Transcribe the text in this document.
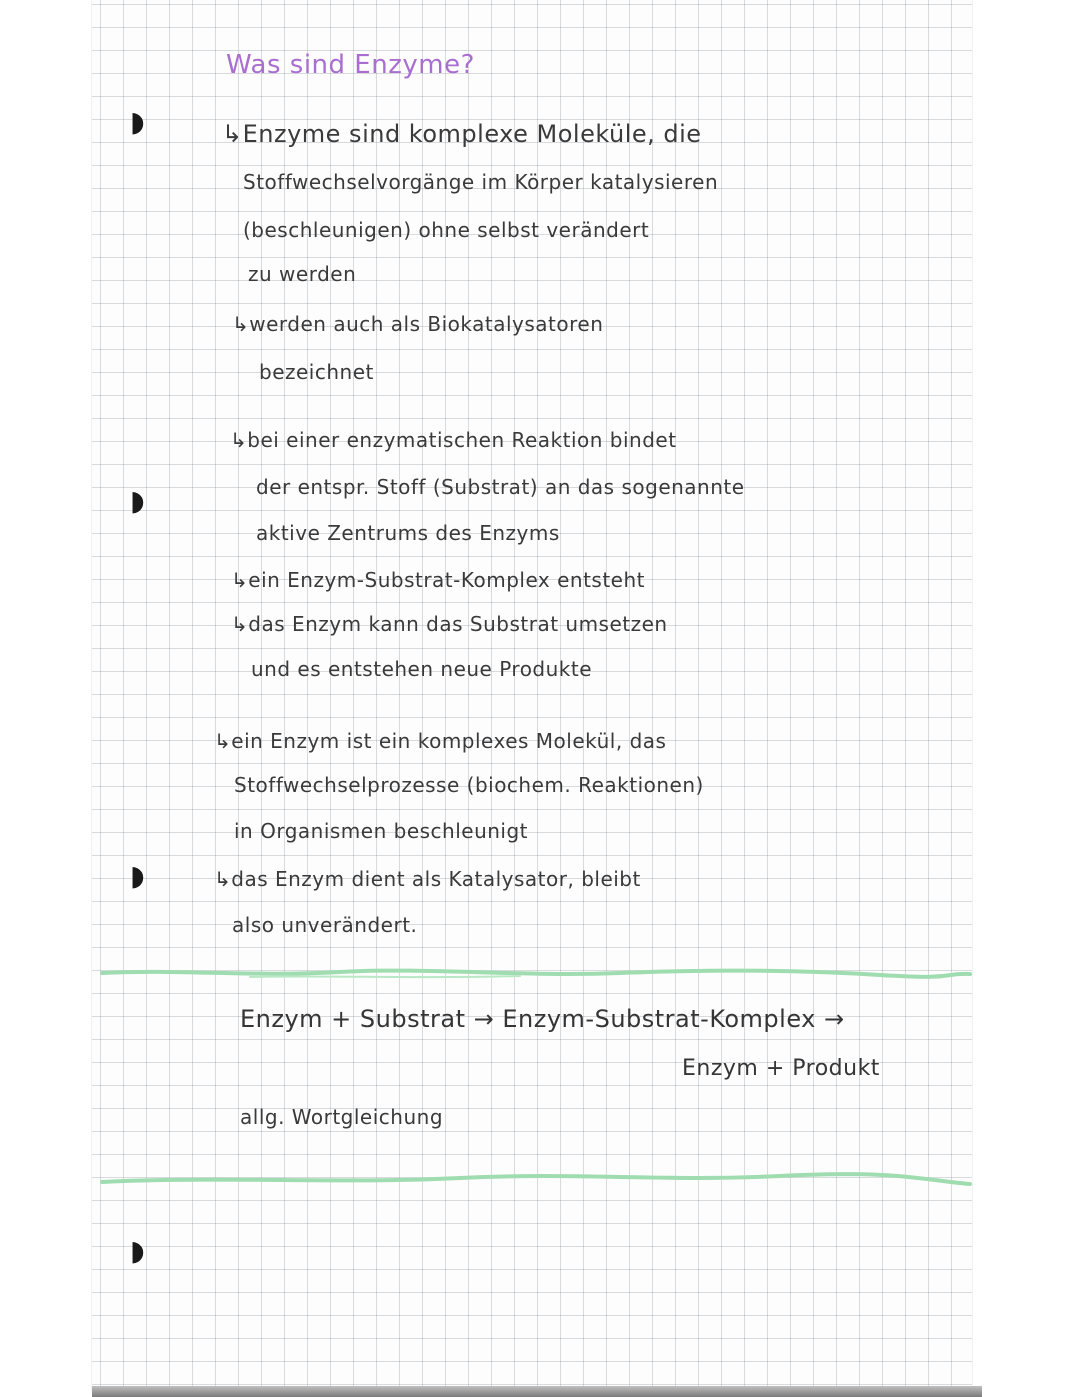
◗
◗
◗
◗
Was sind Enzyme?
↳Enzyme sind komplexe Moleküle, die
Stoffwechselvorgänge im Körper katalysieren
(beschleunigen) ohne selbst verändert
zu werden
↳werden auch als Biokatalysatoren
bezeichnet
↳bei einer enzymatischen Reaktion bindet
der entspr. Stoff (Substrat) an das sogenannte
aktive Zentrums des Enzyms
↳ein Enzym-Substrat-Komplex entsteht
↳das Enzym kann das Substrat umsetzen
und es entstehen neue Produkte
↳ein Enzym ist ein komplexes Molekül, das
Stoffwechselprozesse (biochem. Reaktionen)
in Organismen beschleunigt
↳das Enzym dient als Katalysator, bleibt
also unverändert.
Enzym + Substrat → Enzym-Substrat-Komplex →
Enzym + Produkt
allg. Wortgleichung
